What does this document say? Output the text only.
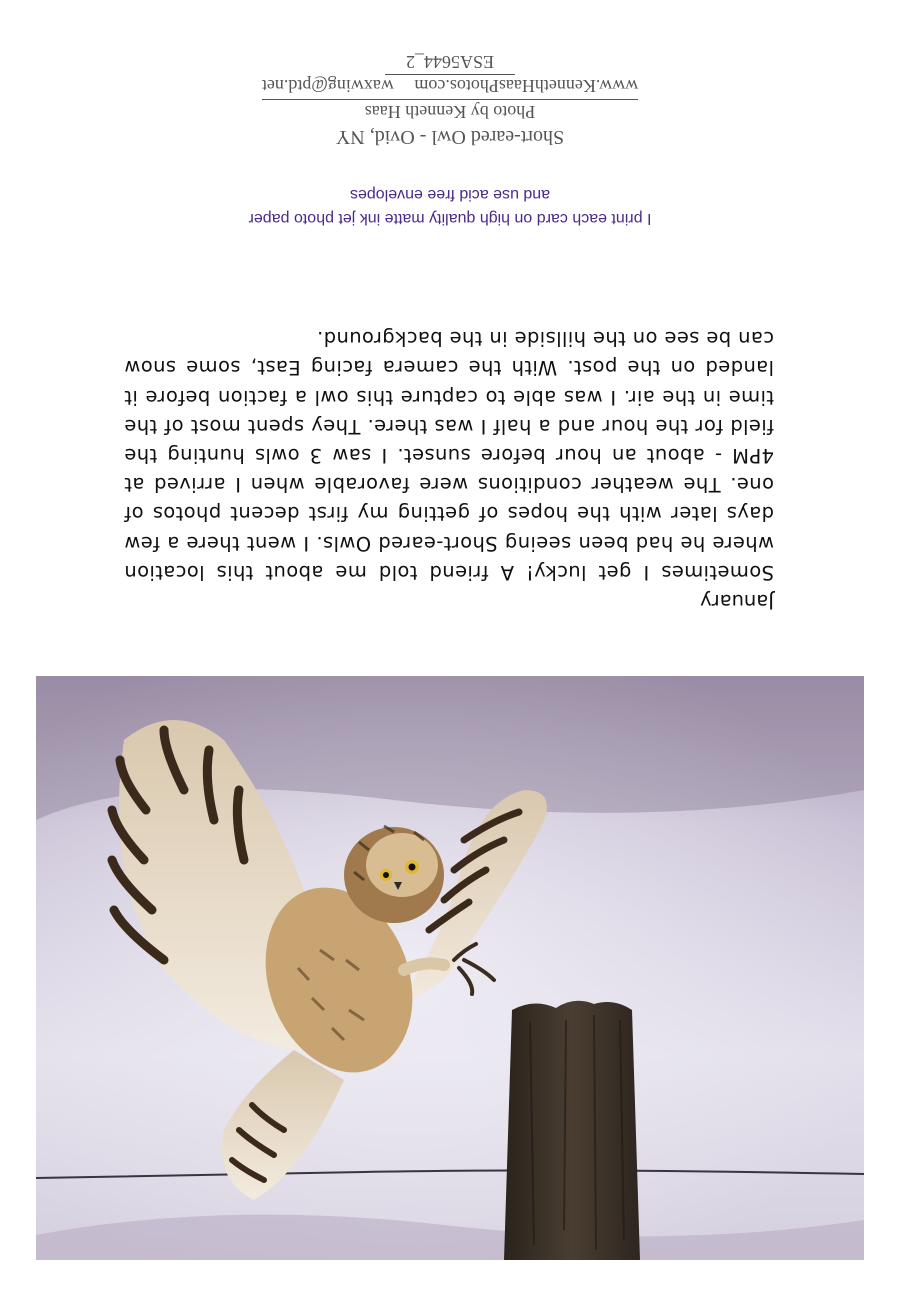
January
Sometimes I get lucky! A friend told me about this location where he had been seeing Short-eared Owls. I went there a few days later with the hopes of getting my first decent photos of one. The weather conditions were favorable when I arrived at 4PM - about an hour before sunset. I saw 3 owls hunting the field for the hour and a half I was there. They spent most of the time in the air. I was able to capture this owl a faction before it landed on the post. With the camera facing East, some snow can be see on the hillside in the background.
I print each card on high quality matte ink jet photo paper
and use acid free envelopes
Short-eared Owl - Ovid, NY
Photo by Kenneth Haas
www.KennethHaasPhotos.com waxwing@ptd.net
ESA5644_2
